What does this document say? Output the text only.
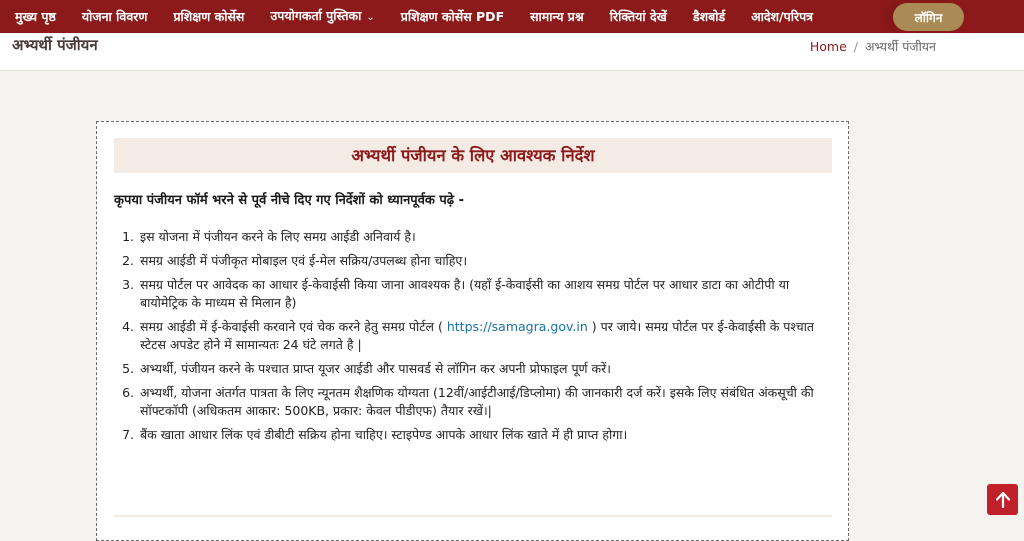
मुख्य पृष्ठ	योजना विवरण	प्रशिक्षण कोर्सेस	उपयोगकर्ता पुस्तिका ⌄	प्रशिक्षण कोर्सेस PDF	सामान्य प्रश्न	रिक्तियां देखें	डैशबोर्ड	आदेश/परिपत्र	लॉगिन
अभ्यर्थी पंजीयन	Home / अभ्यर्थी पंजीयन
अभ्यर्थी पंजीयन के लिए आवश्यक निर्देश

कृपया पंजीयन फॉर्म भरने से पूर्व नीचे दिए गए निर्देशों को ध्यानपूर्वक पढ़े -

1. इस योजना में पंजीयन करने के लिए समग्र आईडी अनिवार्य है।
2. समग्र आईडी में पंजीकृत मोबाइल एवं ई-मेल सक्रिय/उपलब्ध होना चाहिए।
3. समग्र पोर्टल पर आवेदक का आधार ई-केवाईसी किया जाना आवश्यक है। (यहाँ ई-केवाईसी का आशय समग्र पोर्टल पर आधार डाटा का ओटीपी या बायोमेट्रिक के माध्यम से मिलान है)
4. समग्र आईडी में ई-केवाईसी करवाने एवं चेक करने हेतु समग्र पोर्टल ( https://samagra.gov.in ) पर जाये। समग्र पोर्टल पर ई-केवाईसी के पश्चात स्टेटस अपडेट होने में सामान्यतः 24 घंटे लगते है |
5. अभ्यर्थी, पंजीयन करने के पश्चात प्राप्त यूजर आईडी और पासवर्ड से लॉगिन कर अपनी प्रोफाइल पूर्ण करें।
6. अभ्यर्थी, योजना अंतर्गत पात्रता के लिए न्यूनतम शैक्षणिक योग्यता (12वीं/आईटीआई/डिप्लोमा) की जानकारी दर्ज करें। इसके लिए संबंधित अंकसूची की सॉफ्टकॉपी (अधिकतम आकार: 500KB, प्रकार: केवल पीडीएफ) तैयार रखें।|
7. बैंक खाता आधार लिंक एवं डीबीटी सक्रिय होना चाहिए। स्टाइपेण्ड आपके आधार लिंक खाते में ही प्राप्त होगा।
